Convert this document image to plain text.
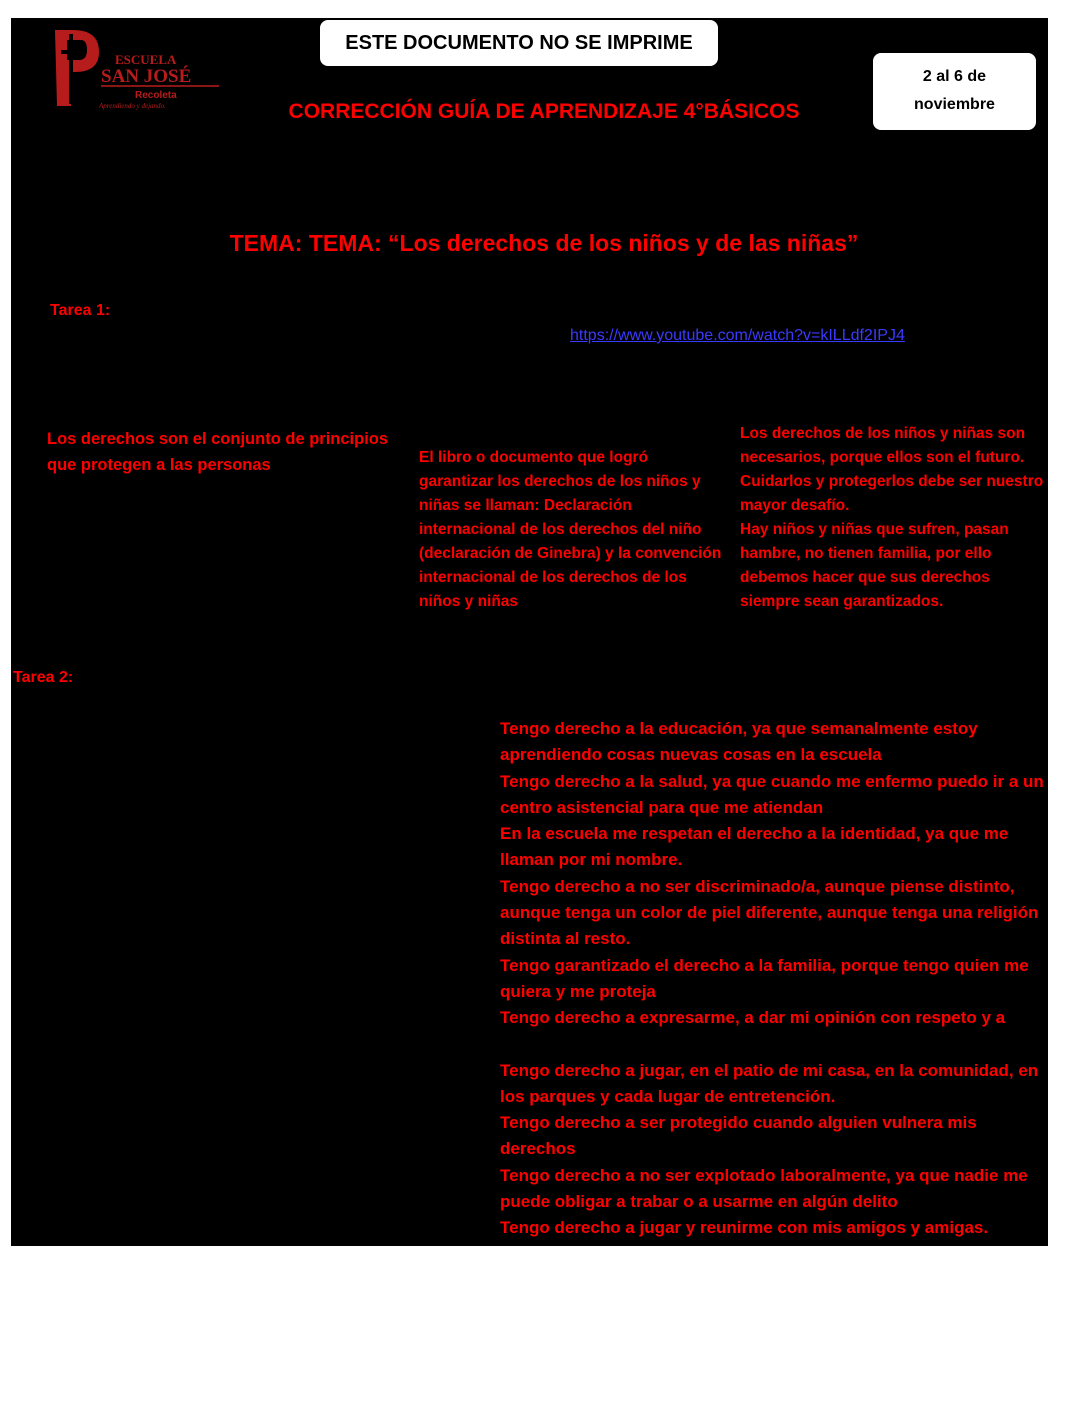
ESTE DOCUMENTO NO SE IMPRIME
2 al 6 de
noviembre
ESCUELA
SAN JOSÉ
Recoleta
Aprendiendo y dejando.	CORRECCIÓN GUÍA DE APRENDIZAJE 4°BÁSICOS
TEMA: TEMA: “Los derechos de los niños y de las niñas”
Tarea 1:
https://www.youtube.com/watch?v=kILLdf2IPJ4
Los derechos son el conjunto de principios que protegen a las personas	El libro o documento que logró garantizar los derechos de los niños y niñas se llaman: Declaración internacional de los derechos del niño (declaración de Ginebra) y la convención internacional de los derechos de los niños y niñas
Los derechos de los niños y niñas son necesarios, porque ellos son el futuro. Cuidarlos y protegerlos debe ser nuestro mayor desafío.
Hay niños y niñas que sufren, pasan hambre, no tienen familia, por ello debemos hacer que sus derechos siempre sean garantizados.
Tarea 2:
Tengo derecho a la educación, ya que semanalmente estoy aprendiendo cosas nuevas cosas en la escuela
Tengo derecho a la salud, ya que cuando me enfermo puedo ir a un centro asistencial para que me atiendan
En la escuela me respetan el derecho a la identidad, ya que me llaman por mi nombre.
Tengo derecho a no ser discriminado/a, aunque piense distinto, aunque tenga un color de piel diferente, aunque tenga una religión distinta al resto.
Tengo garantizado el derecho a la familia, porque tengo quien me quiera y me proteja
Tengo derecho a expresarme, a dar mi opinión con respeto y a
Tengo derecho a jugar, en el patio de mi casa, en la comunidad, en los parques y cada lugar de entretención.
Tengo derecho a ser protegido cuando alguien vulnera mis derechos
Tengo derecho a no ser explotado laboralmente, ya que nadie me puede obligar a trabar o a usarme en algún delito
Tengo derecho a jugar y reunirme con mis amigos y amigas.
